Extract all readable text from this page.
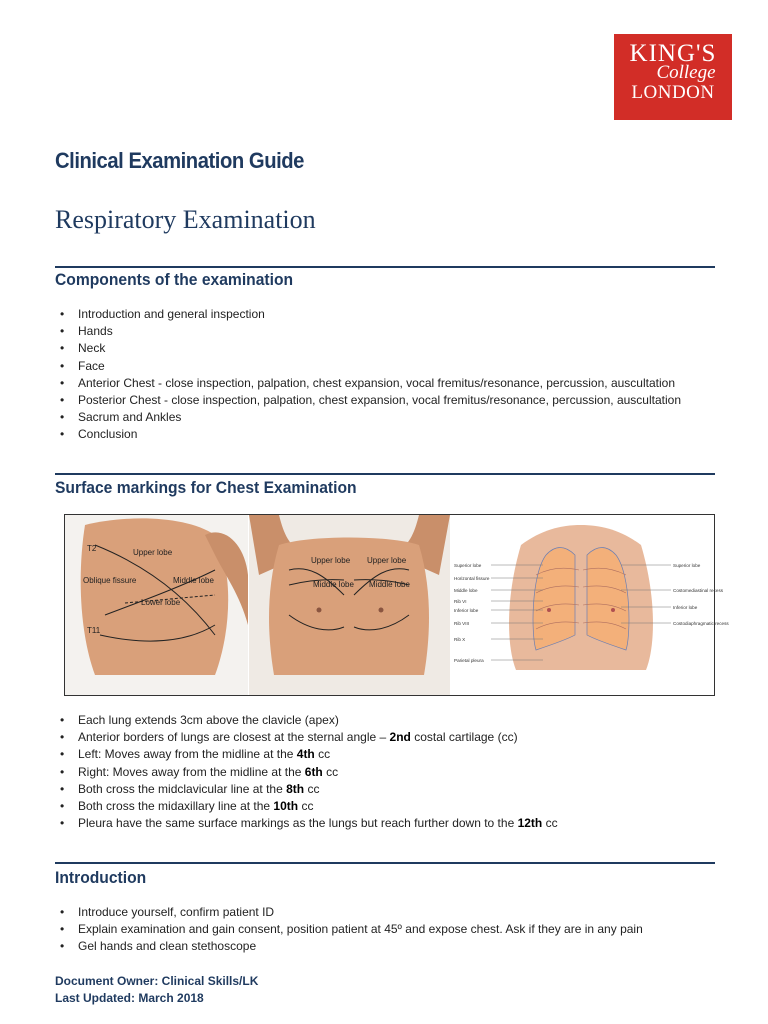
KING'S
College
LONDON
Clinical Examination Guide
Respiratory Examination
Components of the examination
• Introduction and general inspection
• Hands
• Neck
• Face
• Anterior Chest - close inspection, palpation, chest expansion, vocal fremitus/resonance, percussion, auscultation
• Posterior Chest - close inspection, palpation, chest expansion, vocal fremitus/resonance, percussion, auscultation
• Sacrum and Ankles
• Conclusion
Surface markings for Chest Examination
T2	Upper lobe
Oblique fissure	Middle lobe
Lower lobe
T11
Upper lobe
Middle lobe
Upper lobe
Middle lobe
Superior lobe
Horizontal fissure
Middle lobe
Rib VI
Inferior lobe
Rib VIII
Rib X
Parietal pleura
Superior lobe
Costomediastinal recess
Inferior lobe
Costodiaphragmatic recess
• Each lung extends 3cm above the clavicle (apex)
• Anterior borders of lungs are closest at the sternal angle – 2nd costal cartilage (cc)
• Left: Moves away from the midline at the 4th cc
• Right: Moves away from the midline at the 6th cc
• Both cross the midclavicular line at the 8th cc
• Both cross the midaxillary line at the 10th cc
• Pleura have the same surface markings as the lungs but reach further down to the 12th cc
Introduction
• Introduce yourself, confirm patient ID
• Explain examination and gain consent, position patient at 45º and expose chest. Ask if they are in any pain
• Gel hands and clean stethoscope
Document Owner: Clinical Skills/LK
Last Updated: March 2018
